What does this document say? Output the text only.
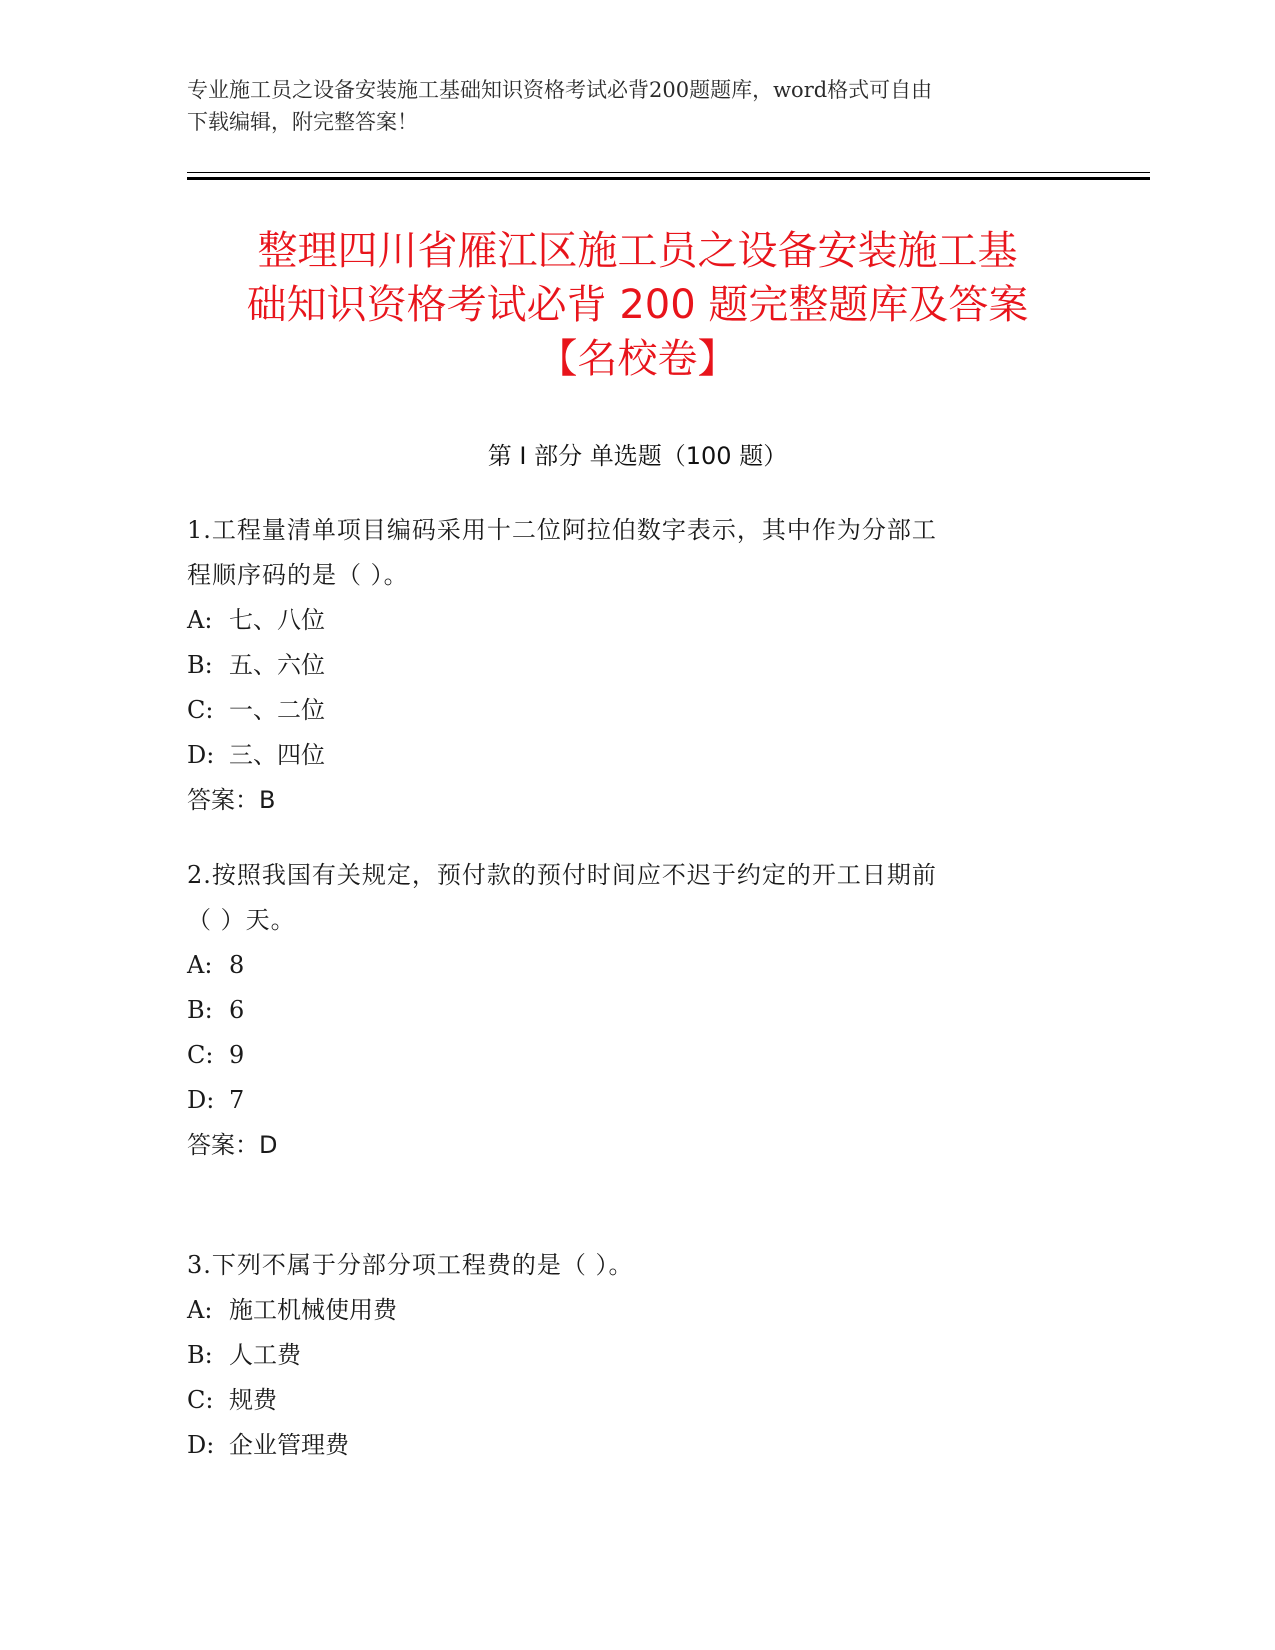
专业施工员之设备安装施工基础知识资格考试必背200题题库，word格式可自由
下载编辑，附完整答案！
整理四川省雁江区施工员之设备安装施工基
础知识资格考试必背 200 题完整题库及答案
【名校卷】
第 I 部分 单选题（100 题）
1.工程量清单项目编码采用十二位阿拉伯数字表示，其中作为分部工
程顺序码的是（ ）。
A: 七、八位
B: 五、六位
C: 一、二位
D: 三、四位
答案：B
2.按照我国有关规定，预付款的预付时间应不迟于约定的开工日期前
（ ）天。
A: 8
B: 6
C: 9
D: 7
答案：D
3.下列不属于分部分项工程费的是（ ）。
A: 施工机械使用费
B: 人工费
C: 规费
D: 企业管理费
